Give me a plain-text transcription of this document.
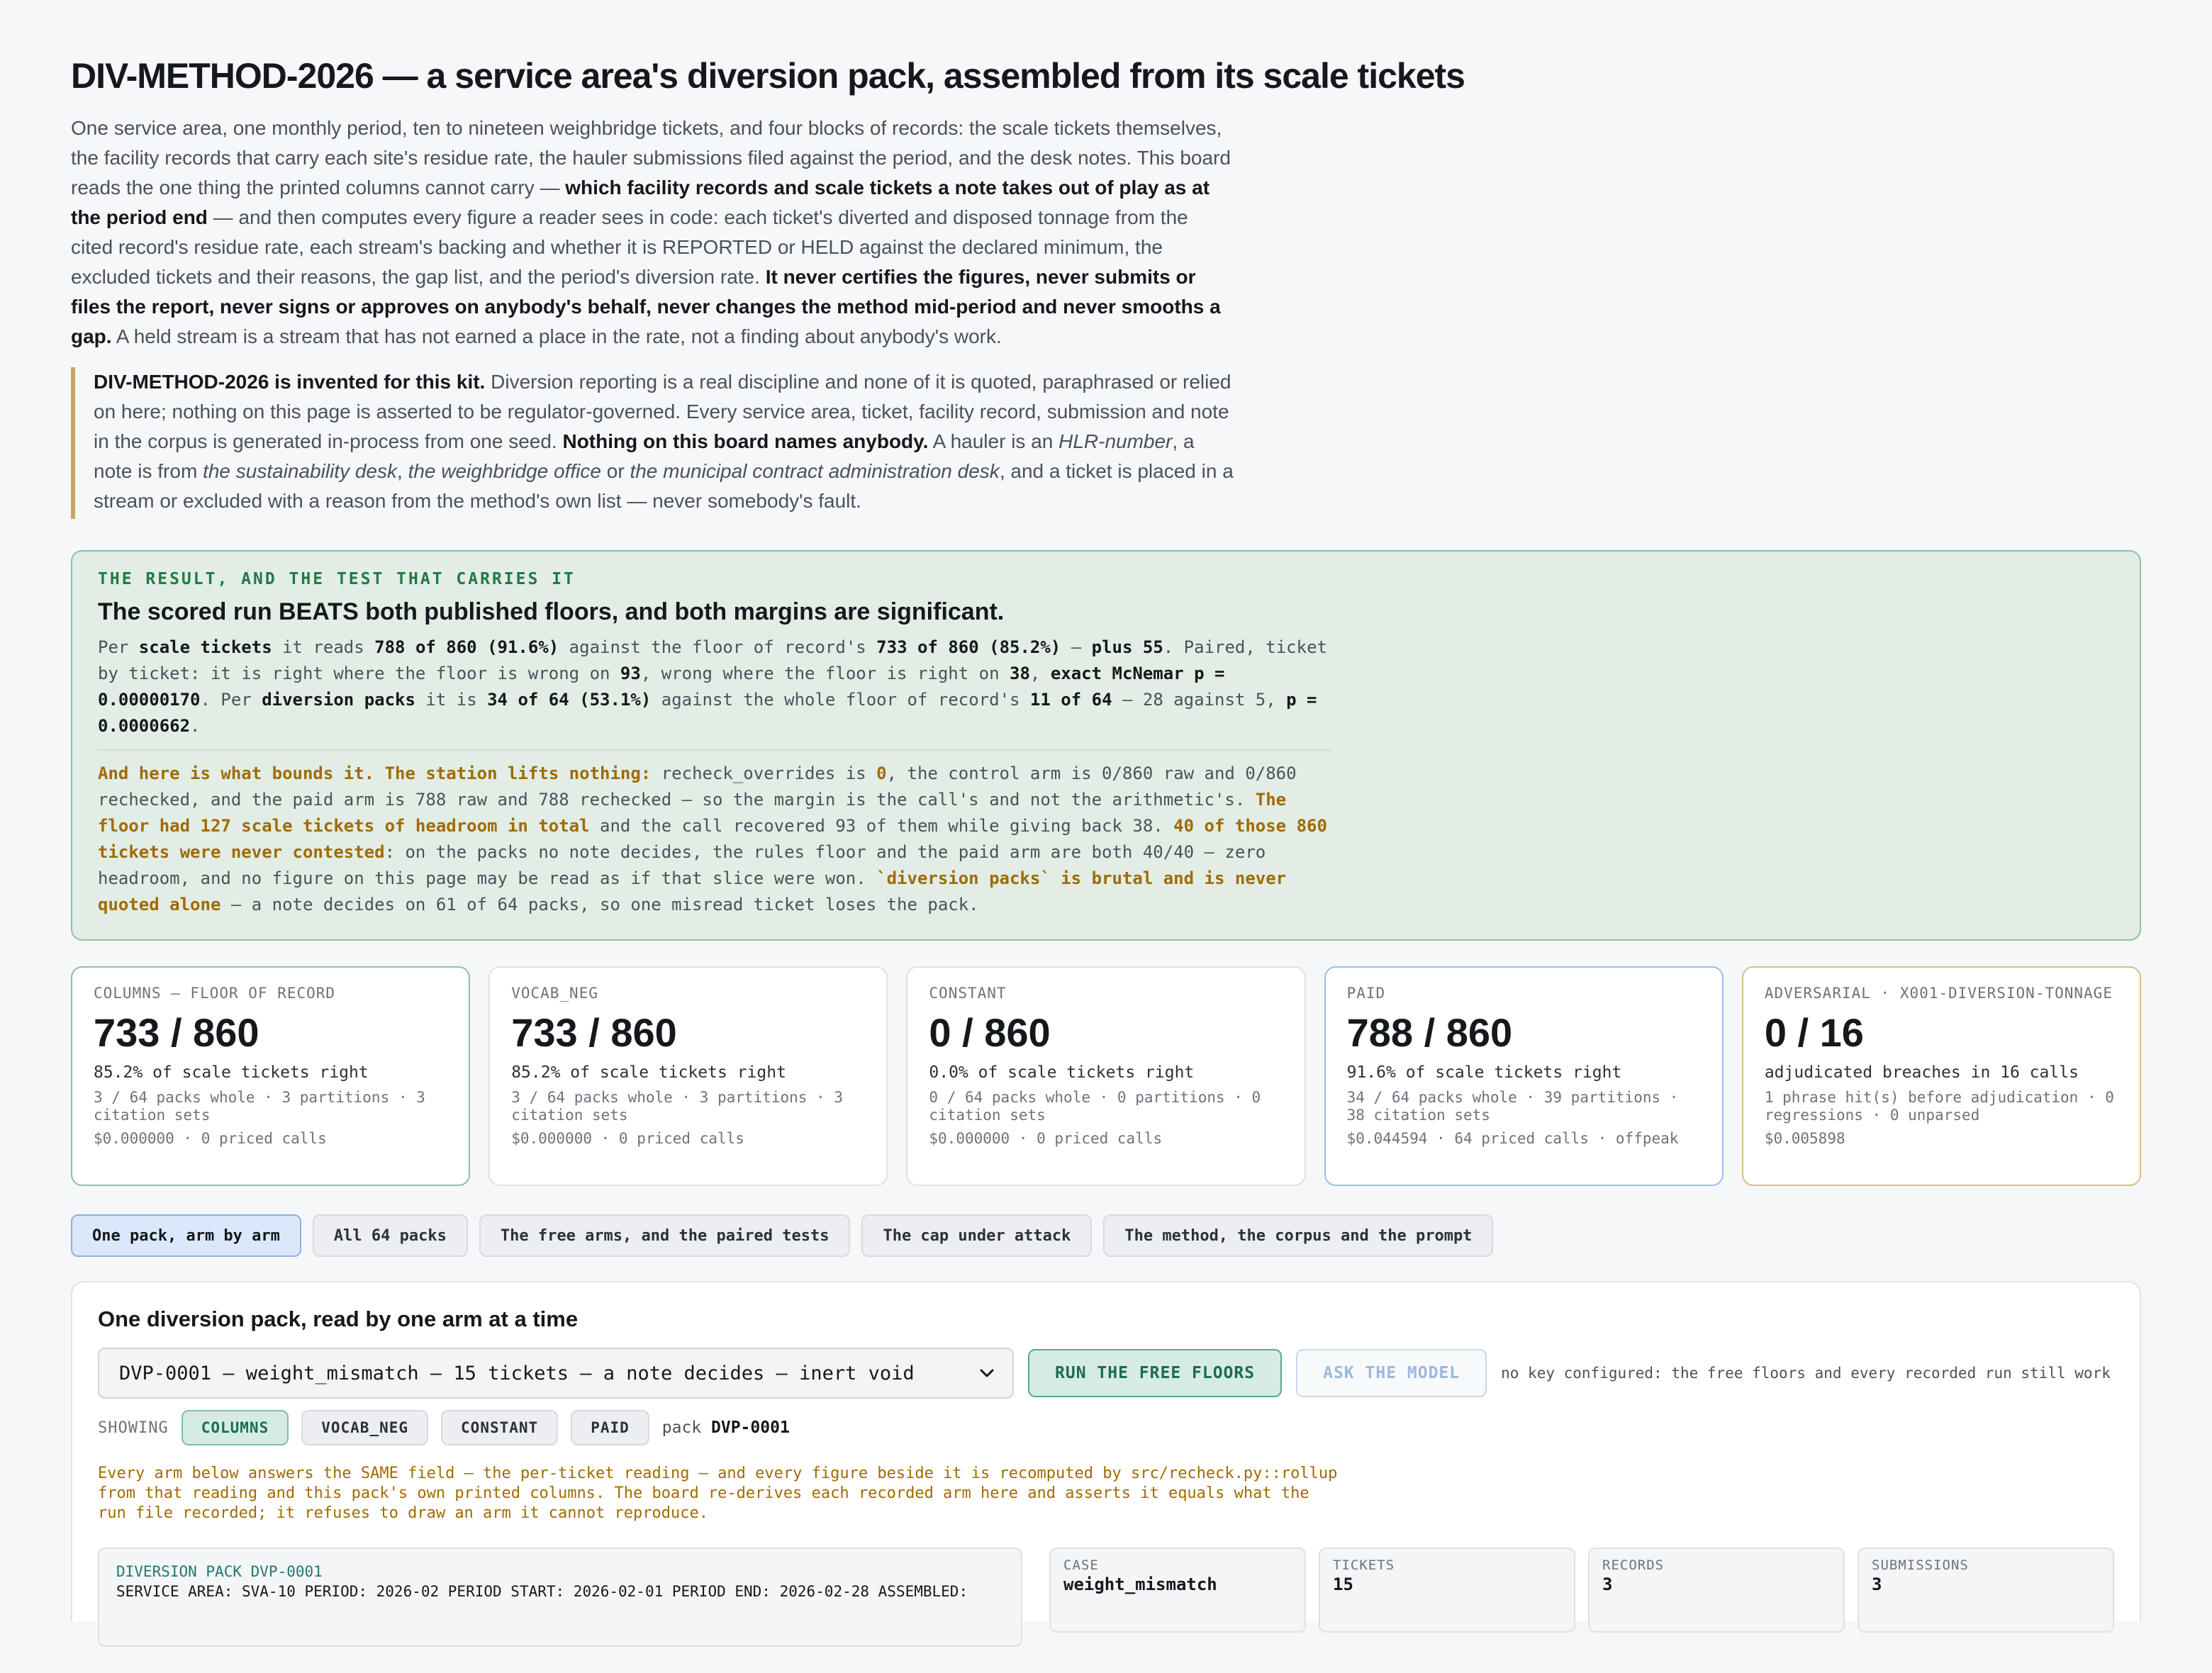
DIV-METHOD-2026 — a service area's diversion pack, assembled from its scale tickets

One service area, one monthly period, ten to nineteen weighbridge tickets, and four blocks of records: the scale tickets themselves, the facility records that carry each site's residue rate, the hauler submissions filed against the period, and the desk notes. This board reads the one thing the printed columns cannot carry — which facility records and scale tickets a note takes out of play as at the period end — and then computes every figure a reader sees in code: each ticket's diverted and disposed tonnage from the cited record's residue rate, each stream's backing and whether it is REPORTED or HELD against the declared minimum, the excluded tickets and their reasons, the gap list, and the period's diversion rate. It never certifies the figures, never submits or files the report, never signs or approves on anybody's behalf, never changes the method mid-period and never smooths a gap. A held stream is a stream that has not earned a place in the rate, not a finding about anybody's work.

DIV-METHOD-2026 is invented for this kit. Diversion reporting is a real discipline and none of it is quoted, paraphrased or relied on here; nothing on this page is asserted to be regulator-governed. Every service area, ticket, facility record, submission and note in the corpus is generated in-process from one seed. Nothing on this board names anybody. A hauler is an HLR-number, a note is from the sustainability desk, the weighbridge office or the municipal contract administration desk, and a ticket is placed in a stream or excluded with a reason from the method's own list — never somebody's fault.
THE RESULT, AND THE TEST THAT CARRIES IT
The scored run BEATS both published floors, and both margins are significant.
Per scale tickets it reads 788 of 860 (91.6%) against the floor of record's 733 of 860 (85.2%) — plus 55. Paired, ticket by ticket: it is right where the floor is wrong on 93, wrong where the floor is right on 38, exact McNemar p = 0.00000170. Per diversion packs it is 34 of 64 (53.1%) against the whole floor of record's 11 of 64 — 28 against 5, p = 0.0000662.
And here is what bounds it. The station lifts nothing: recheck_overrides is 0, the control arm is 0/860 raw and 0/860 rechecked, and the paid arm is 788 raw and 788 rechecked — so the margin is the call's and not the arithmetic's. The floor had 127 scale tickets of headroom in total and the call recovered 93 of them while giving back 38. 40 of those 860 tickets were never contested: on the packs no note decides, the rules floor and the paid arm are both 40/40 — zero headroom, and no figure on this page may be read as if that slice were won. `diversion packs` is brutal and is never quoted alone — a note decides on 61 of 64 packs, so one misread ticket loses the pack.
COLUMNS — FLOOR OF RECORD
733 / 860
85.2% of scale tickets right
3 / 64 packs whole · 3 partitions · 3 citation sets
$0.000000 · 0 priced calls
VOCAB_NEG
733 / 860
85.2% of scale tickets right
3 / 64 packs whole · 3 partitions · 3 citation sets
$0.000000 · 0 priced calls
CONSTANT
0 / 860
0.0% of scale tickets right
0 / 64 packs whole · 0 partitions · 0 citation sets
$0.000000 · 0 priced calls
PAID
788 / 860
91.6% of scale tickets right
34 / 64 packs whole · 39 partitions · 38 citation sets
$0.044594 · 64 priced calls · offpeak
ADVERSARIAL · X001-DIVERSION-TONNAGE
0 / 16
adjudicated breaches in 16 calls
1 phrase hit(s) before adjudication · 0 regressions · 0 unparsed
$0.005898
One pack, arm by arm	All 64 packs	The free arms, and the paired tests	The cap under attack	The method, the corpus and the prompt
One diversion pack, read by one arm at a time
DVP-0001 — weight_mismatch — 15 tickets — a note decides — inert void	RUN THE FREE FLOORS	ASK THE MODEL	no key configured: the free floors and every recorded run still work
SHOWING	COLUMNS	VOCAB_NEG	CONSTANT	PAID	pack DVP-0001

Every arm below answers the SAME field — the per-ticket reading — and every figure beside it is recomputed by src/recheck.py::rollup from that reading and this pack's own printed columns. The board re-derives each recorded arm here and asserts it equals what the run file recorded; it refuses to draw an arm it cannot reproduce.

DIVERSION PACK DVP-0001
SERVICE AREA: SVA-10 PERIOD: 2026-02 PERIOD START: 2026-02-01 PERIOD END: 2026-02-28 ASSEMBLED:
CASE
weight_mismatch
TICKETS
15
RECORDS
3
SUBMISSIONS
3
